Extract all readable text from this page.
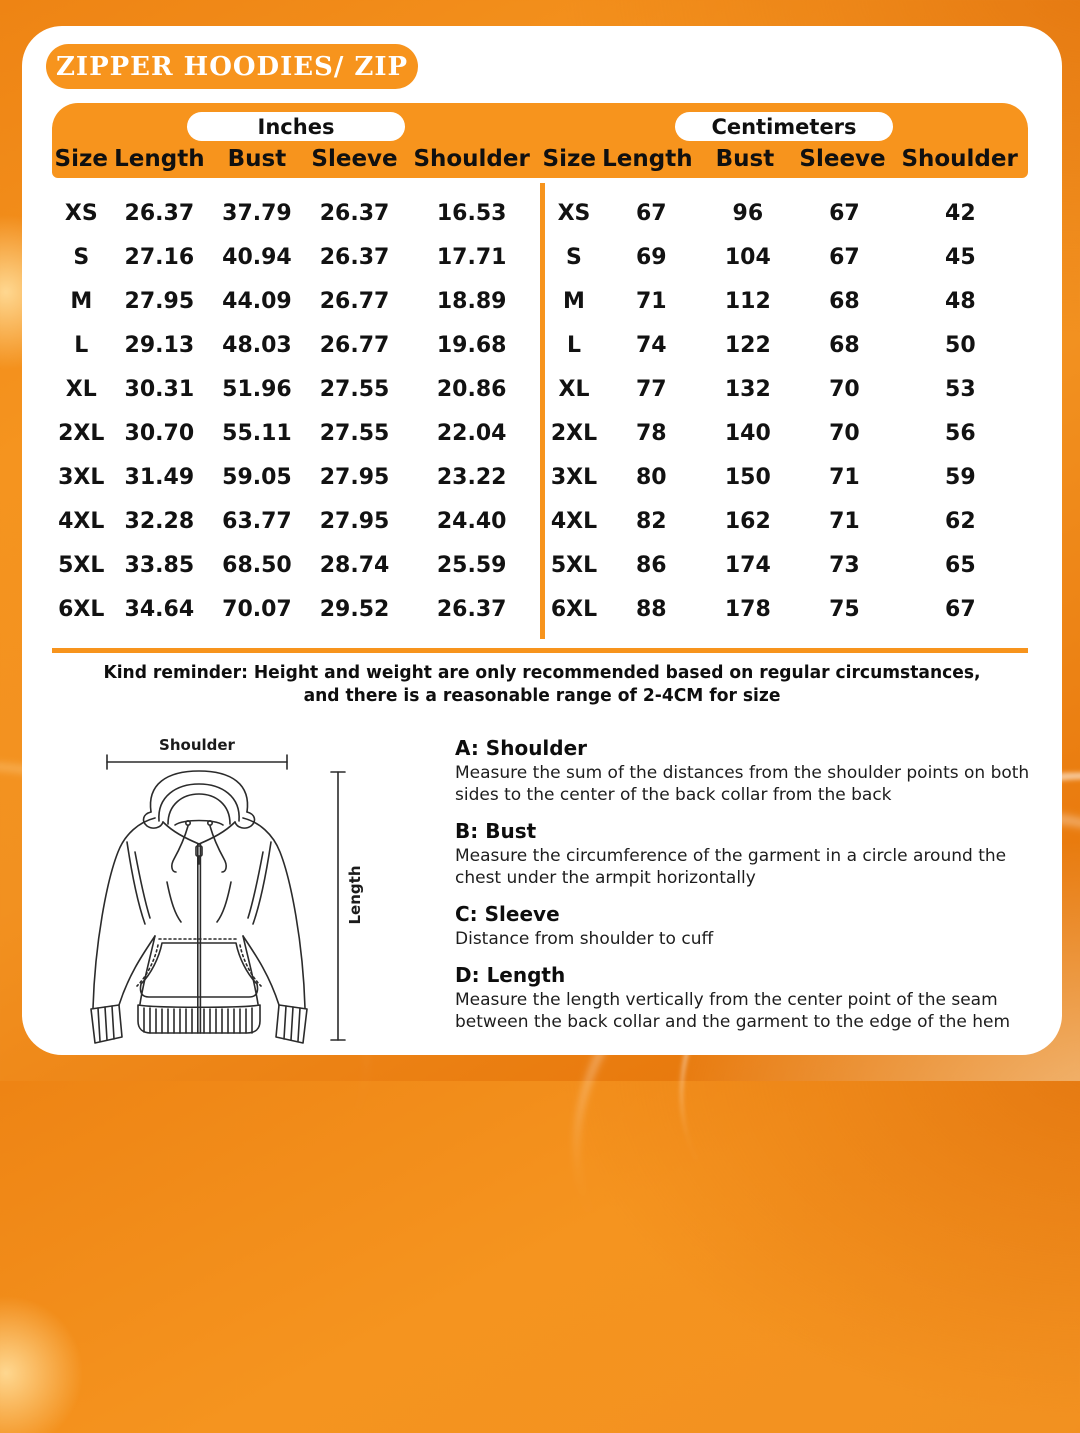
ZIPPER HOODIES/ ZIP
Inches
Size Length	Bust	Sleeve Shoulder
Centimeters
Size Length	Bust	Sleeve Shoulder
XS	26.37	37.79	26.37	16.53
S	27.16	40.94	26.37	17.71
M	27.95	44.09	26.77	18.89
L	29.13	48.03	26.77	19.68
XL	30.31	51.96	27.55	20.86
2XL 30.70	55.11	27.55	22.04
3XL 31.49	59.05	27.95	23.22
4XL 32.28	63.77	27.95	24.40
5XL 33.85	68.50	28.74	25.59
6XL 34.64	70.07	29.52	26.37
XS	67	96	67	42
S	69	104	67	45
M	71	112	68	48
L	74	122	68	50
XL	77	132	70	53
2XL	78	140	70	56
3XL	80	150	71	59
4XL	82	162	71	62
5XL	86	174	73	65
6XL	88	178	75	67
Kind reminder: Height and weight are only recommended based on regular circumstances,
and there is a reasonable range of 2-4CM for size
Shoulder
Length
A: Shoulder

Measure the sum of the distances from the shoulder points on both sides to the center of the back collar from the back

B: Bust

Measure the circumference of the garment in a circle around the chest under the armpit horizontally

C: Sleeve

Distance from shoulder to cuff

D: Length

Measure the length vertically from the center point of the seam between the back collar and the garment to the edge of the hem
